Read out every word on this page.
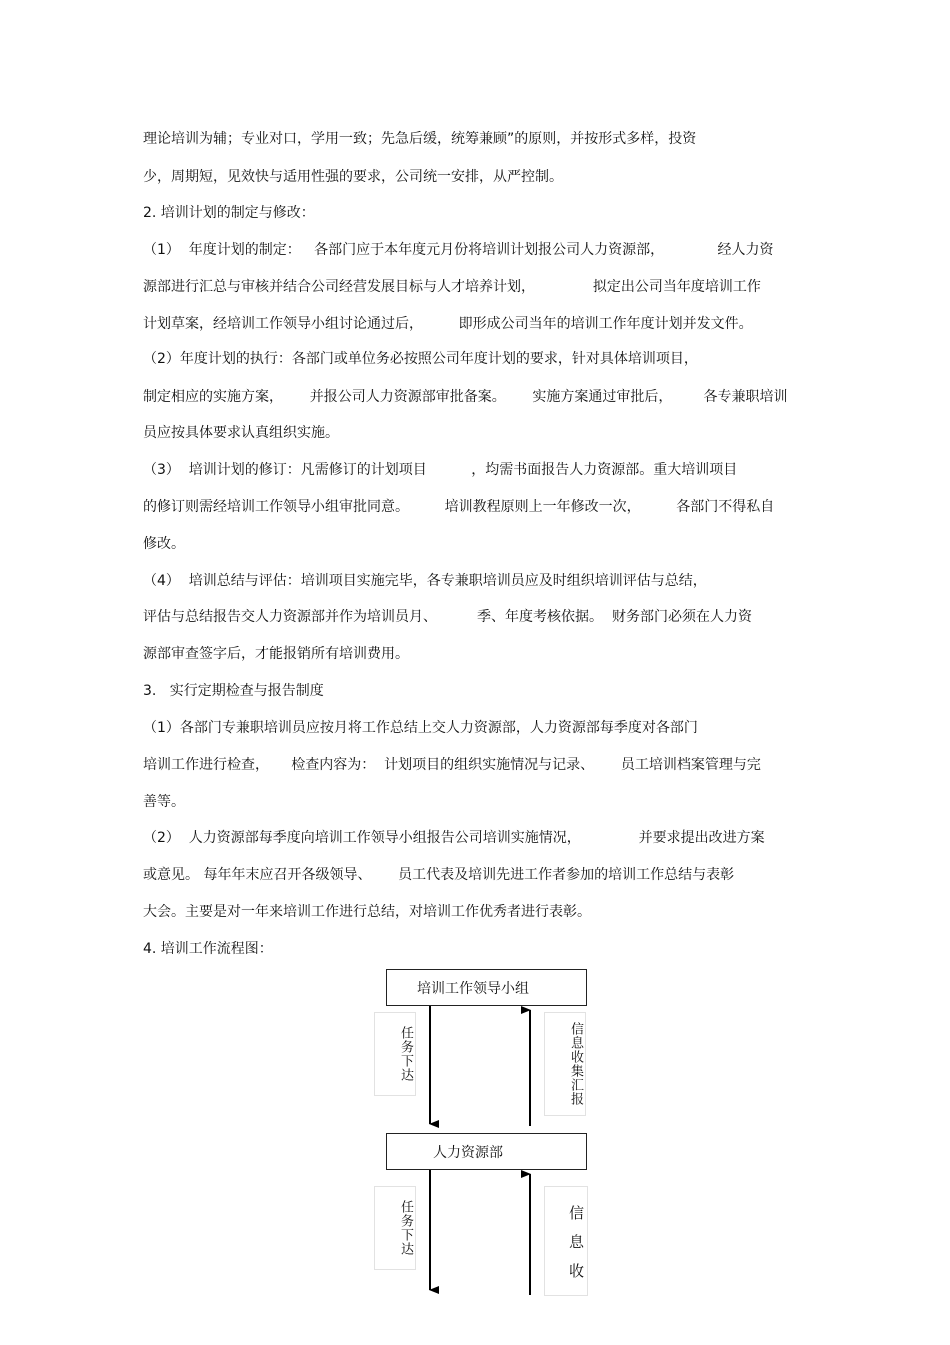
理论培训为辅；专业对口，学用一致；先急后缓，统筹兼顾”的原则，并按形式多样，投资
少，周期短，见效快与适用性强的要求，公司统一安排，从严控制。
2. 培训计划的制定与修改：
（1）  年度计划的制定：   各部门应于本年度元月份将培训计划报公司人力资源部，            经人力资
源部进行汇总与审核并结合公司经营发展目标与人才培养计划，             拟定出公司当年度培训工作
计划草案，经培训工作领导小组讨论通过后，        即形成公司当年的培训工作年度计划并发文件。
（2）年度计划的执行：各部门或单位务必按照公司年度计划的要求，针对具体培训项目，
制定相应的实施方案，      并报公司人力资源部审批备案。      实施方案通过审批后，       各专兼职培训
员应按具体要求认真组织实施。
（3）  培训计划的修订：凡需修订的计划项目          ，均需书面报告人力资源部。重大培训项目
的修订则需经培训工作领导小组审批同意。        培训教程原则上一年修改一次，        各部门不得私自
修改。
（4）  培训总结与评估：培训项目实施完毕，各专兼职培训员应及时组织培训评估与总结，
评估与总结报告交人力资源部并作为培训员月、         季、年度考核依据。  财务部门必须在人力资
源部审查签字后，才能报销所有培训费用。
3.   实行定期检查与报告制度
（1）各部门专兼职培训员应按月将工作总结上交人力资源部，人力资源部每季度对各部门
培训工作进行检查，     检查内容为：  计划项目的组织实施情况与记录、      员工培训档案管理与完
善等。
（2）  人力资源部每季度向培训工作领导小组报告公司培训实施情况，             并要求提出改进方案
或意见。 每年年末应召开各级领导、      员工代表及培训先进工作者参加的培训工作总结与表彰
大会。主要是对一年来培训工作进行总结，对培训工作优秀者进行表彰。
4. 培训工作流程图：
培训工作领导小组
人力资源部
任务下达	信息收集汇报
任务下达	信息收
